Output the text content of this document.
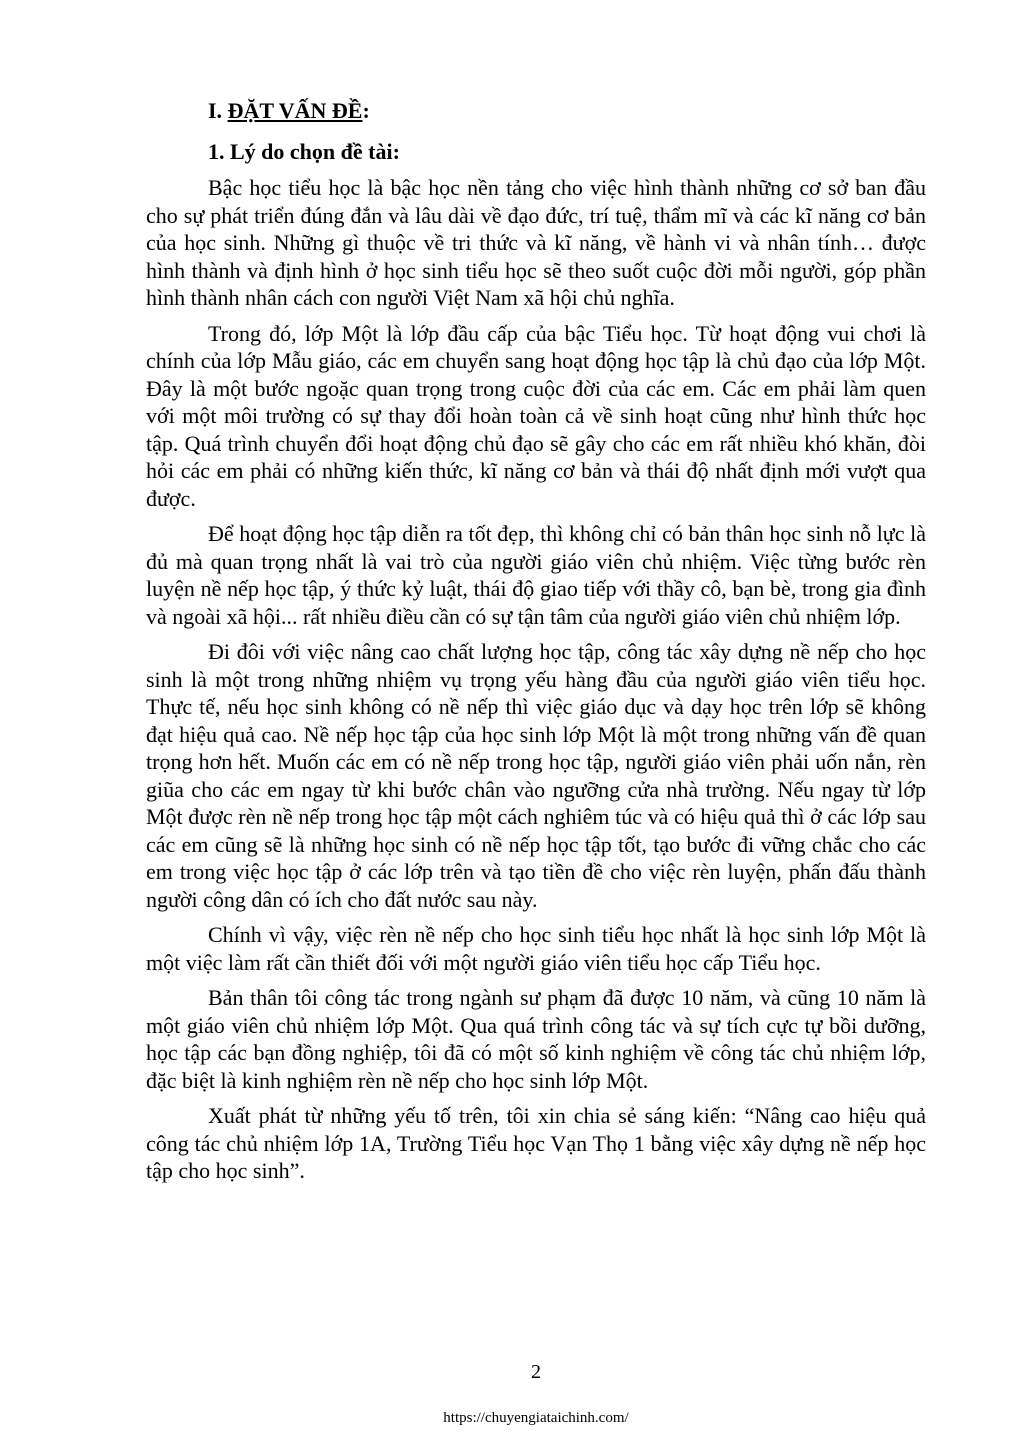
I. ĐẶT VẤN ĐỀ:
1. Lý do chọn đề tài:

Bậc học tiểu học là bậc học nền tảng cho việc hình thành những cơ sở ban đầu cho sự phát triển đúng đắn và lâu dài về đạo đức, trí tuệ, thẩm mĩ và các kĩ năng cơ bản của học sinh. Những gì thuộc về tri thức và kĩ năng, về hành vi và nhân tính… được hình thành và định hình ở học sinh tiểu học sẽ theo suốt cuộc đời mỗi người, góp phần hình thành nhân cách con người Việt Nam xã hội chủ nghĩa.

Trong đó, lớp Một là lớp đầu cấp của bậc Tiểu học. Từ hoạt động vui chơi là chính của lớp Mẫu giáo, các em chuyển sang hoạt động học tập là chủ đạo của lớp Một. Đây là một bước ngoặc quan trọng trong cuộc đời của các em. Các em phải làm quen với một môi trường có sự thay đổi hoàn toàn cả về sinh hoạt cũng như hình thức học tập. Quá trình chuyển đổi hoạt động chủ đạo sẽ gây cho các em rất nhiều khó khăn, đòi hỏi các em phải có những kiến thức, kĩ năng cơ bản và thái độ nhất định mới vượt qua được.

Để hoạt động học tập diễn ra tốt đẹp, thì không chỉ có bản thân học sinh nỗ lực là đủ mà quan trọng nhất là vai trò của người giáo viên chủ nhiệm. Việc từng bước rèn luyện nề nếp học tập, ý thức kỷ luật, thái độ giao tiếp với thầy cô, bạn bè, trong gia đình và ngoài xã hội... rất nhiều điều cần có sự tận tâm của người giáo viên chủ nhiệm lớp.

Đi đôi với việc nâng cao chất lượng học tập, công tác xây dựng nề nếp cho học sinh là một trong những nhiệm vụ trọng yếu hàng đầu của người giáo viên tiểu học. Thực tế, nếu học sinh không có nề nếp thì việc giáo dục và dạy học trên lớp sẽ không đạt hiệu quả cao. Nề nếp học tập của học sinh lớp Một là một trong những vấn đề quan trọng hơn hết. Muốn các em có nề nếp trong học tập, người giáo viên phải uốn nắn, rèn giũa cho các em ngay từ khi bước chân vào ngưỡng cửa nhà trường. Nếu ngay từ lớp Một được rèn nề nếp trong học tập một cách nghiêm túc và có hiệu quả thì ở các lớp sau các em cũng sẽ là những học sinh có nề nếp học tập tốt, tạo bước đi vững chắc cho các em trong việc học tập ở các lớp trên và tạo tiền đề cho việc rèn luyện, phấn đấu thành người công dân có ích cho đất nước sau này.

Chính vì vậy, việc rèn nề nếp cho học sinh tiểu học nhất là học sinh lớp Một là một việc làm rất cần thiết đối với một người giáo viên tiểu học cấp Tiểu học.

Bản thân tôi công tác trong ngành sư phạm đã được 10 năm, và cũng 10 năm là một giáo viên chủ nhiệm lớp Một. Qua quá trình công tác và sự tích cực tự bồi dưỡng, học tập các bạn đồng nghiệp, tôi đã có một số kinh nghiệm về công tác chủ nhiệm lớp, đặc biệt là kinh nghiệm rèn nề nếp cho học sinh lớp Một.

Xuất phát từ những yếu tố trên, tôi xin chia sẻ sáng kiến: “Nâng cao hiệu quả công tác chủ nhiệm lớp 1A, Trường Tiểu học Vạn Thọ 1 bằng việc xây dựng nề nếp học tập cho học sinh”.

2
https://chuyengiataichinh.com/
